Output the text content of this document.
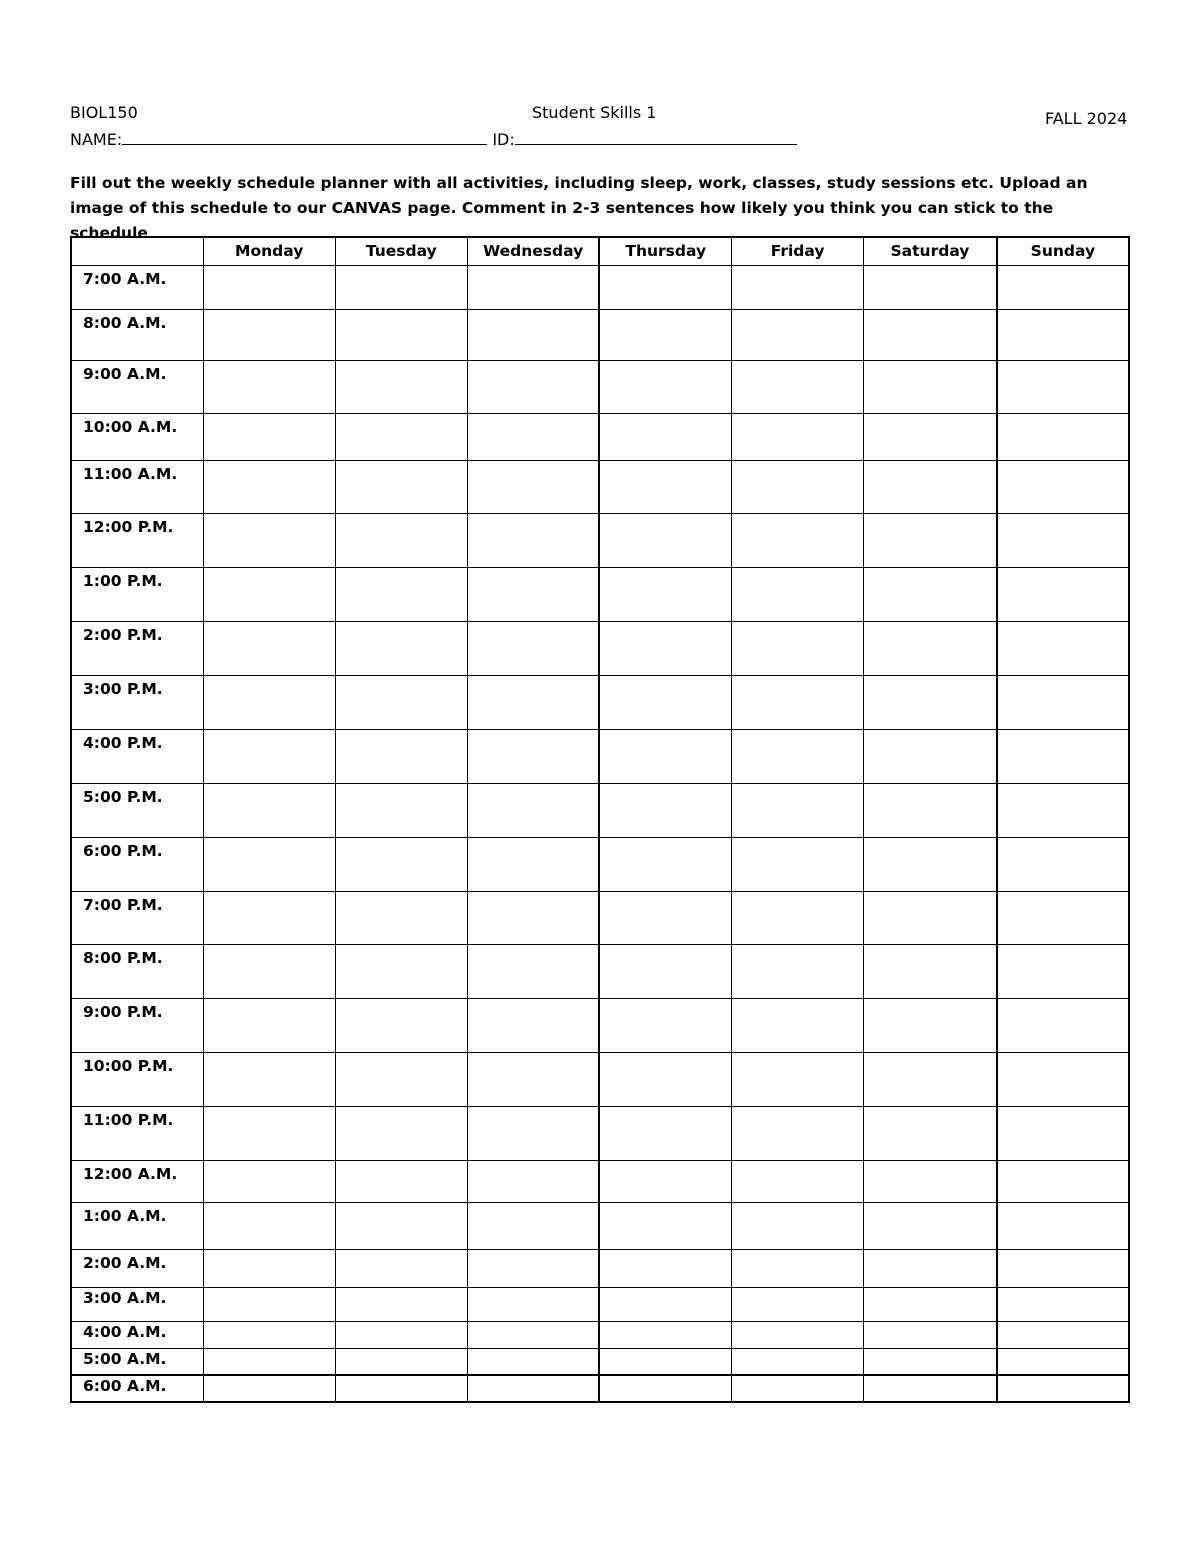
BIOL150	Student Skills 1	FALL 2024
NAME:	ID:
Fill out the weekly schedule planner with all activities, including sleep, work, classes, study sessions etc. Upload an image of this schedule to our CANVAS page. Comment in 2-3 sentences how likely you think you can stick to the schedule
	Monday	Tuesday	Wednesday	Thursday	Friday	Saturday	Sunday
7:00 A.M.							
8:00 A.M.							
9:00 A.M.							
10:00 A.M.							
11:00 A.M.							
12:00 P.M.							
1:00 P.M.							
2:00 P.M.							
3:00 P.M.							
4:00 P.M.							
5:00 P.M.							
6:00 P.M.							
7:00 P.M.							
8:00 P.M.							
9:00 P.M.							
10:00 P.M.							
11:00 P.M.							
12:00 A.M.							
1:00 A.M.							
2:00 A.M.							
3:00 A.M.							
4:00 A.M.							
5:00 A.M.							
6:00 A.M.							
